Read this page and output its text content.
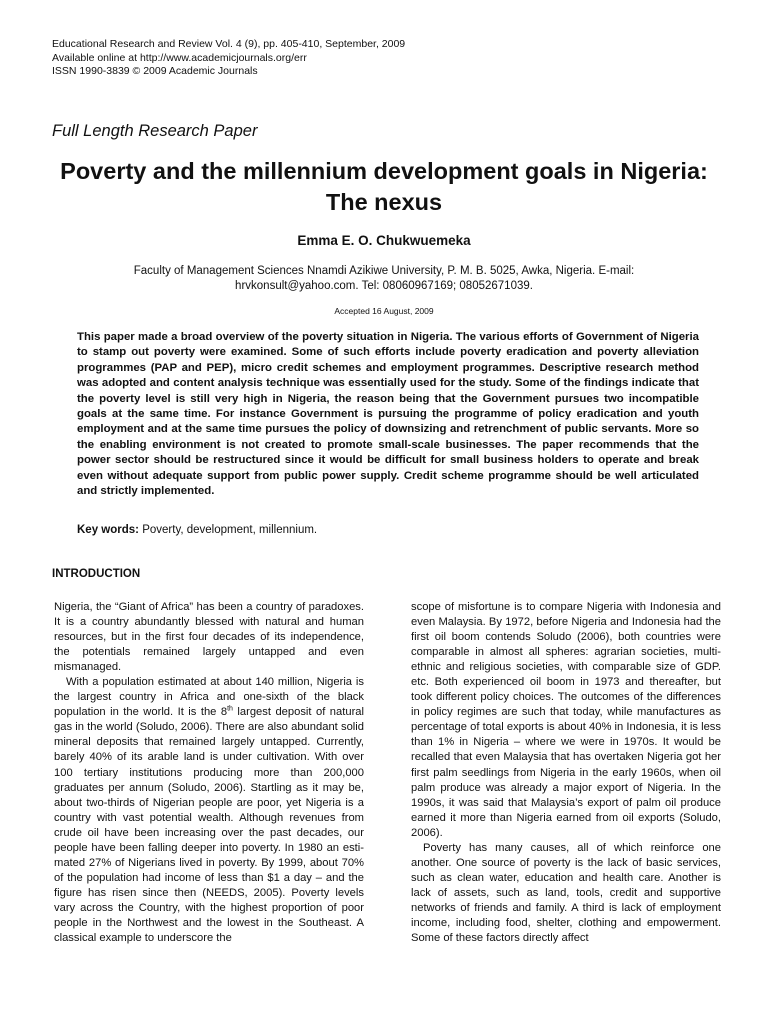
Educational Research and Review Vol. 4 (9), pp. 405-410, September, 2009
Available online at http://www.academicjournals.org/err
ISSN 1990-3839 © 2009 Academic Journals
Full Length Research Paper
Poverty and the millennium development goals in Nigeria: The nexus
Emma E. O. Chukwuemeka
Faculty of Management Sciences Nnamdi Azikiwe University, P. M. B. 5025, Awka, Nigeria. E-mail: hrvkonsult@yahoo.com. Tel: 08060967169; 08052671039.
Accepted 16 August, 2009
This paper made a broad overview of the poverty situation in Nigeria. The various efforts of Government of Nigeria to stamp out poverty were examined. Some of such efforts include poverty eradication and poverty alleviation programmes (PAP and PEP), micro credit schemes and employment programmes. Descriptive research method was adopted and content analysis technique was essentially used for the study. Some of the findings indicate that the poverty level is still very high in Nigeria, the reason being that the Government pursues two incompatible goals at the same time. For instance Government is pursuing the programme of policy eradication and youth employment and at the same time pursues the policy of downsizing and retrenchment of public servants. More so the enabling environment is not created to promote small-scale businesses. The paper recommends that the power sector should be restructured since it would be difficult for small business holders to operate and break even without adequate support from public power supply. Credit scheme programme should be well articulated and strictly implemented.
Key words: Poverty, development, millennium.
INTRODUCTION

Nigeria, the “Giant of Africa” has been a country of paradoxes. It is a country abundantly blessed with natural and human resources, but in the first four decades of its independence, the potentials remained largely untapped and even mismanaged.

With a population estimated at about 140 million, Nigeria is the largest country in Africa and one-sixth of the black population in the world. It is the 8th largest deposit of natural gas in the world (Soludo, 2006). There are also abundant solid mineral deposits that remained largely untapped. Currently, barely 40% of its arable land is under cultivation. With over 100 tertiary institutions producing more than 200,000 graduates per annum (Soludo, 2006). Startling as it may be, about two-thirds of Nigerian people are poor, yet Nigeria is a country with vast potential wealth. Although revenues from crude oil have been increasing over the past decades, our people have been falling deeper into poverty. In 1980 an estimated 27% of Nigerians lived in poverty. By 1999, about 70% of the population had income of less than $1 a day – and the figure has risen since then (NEEDS, 2005). Poverty levels vary across the Country, with the highest proportion of poor people in the Northwest and the lowest in the Southeast. A classical example to underscore the

scope of misfortune is to compare Nigeria with Indonesia and even Malaysia. By 1972, before Nigeria and Indonesia had the first oil boom contends Soludo (2006), both countries were comparable in almost all spheres: agrarian societies, multi-ethnic and religious societies, with comparable size of GDP. etc. Both experienced oil boom in 1973 and thereafter, but took different policy choices. The outcomes of the differences in policy regimes are such that today, while manufactures as percentage of total exports is about 40% in Indonesia, it is less than 1% in Nigeria – where we were in 1970s. It would be recalled that even Malaysia that has overtaken Nigeria got her first palm seedlings from Nigeria in the early 1960s, when oil palm produce was already a major export of Nigeria. In the 1990s, it was said that Malaysia’s export of palm oil produce earned it more than Nigeria earned from oil exports (Soludo, 2006).

Poverty has many causes, all of which reinforce one another. One source of poverty is the lack of basic services, such as clean water, education and health care. Another is lack of assets, such as land, tools, credit and supportive networks of friends and family. A third is lack of employment income, including food, shelter, clothing and empowerment. Some of these factors directly affect
